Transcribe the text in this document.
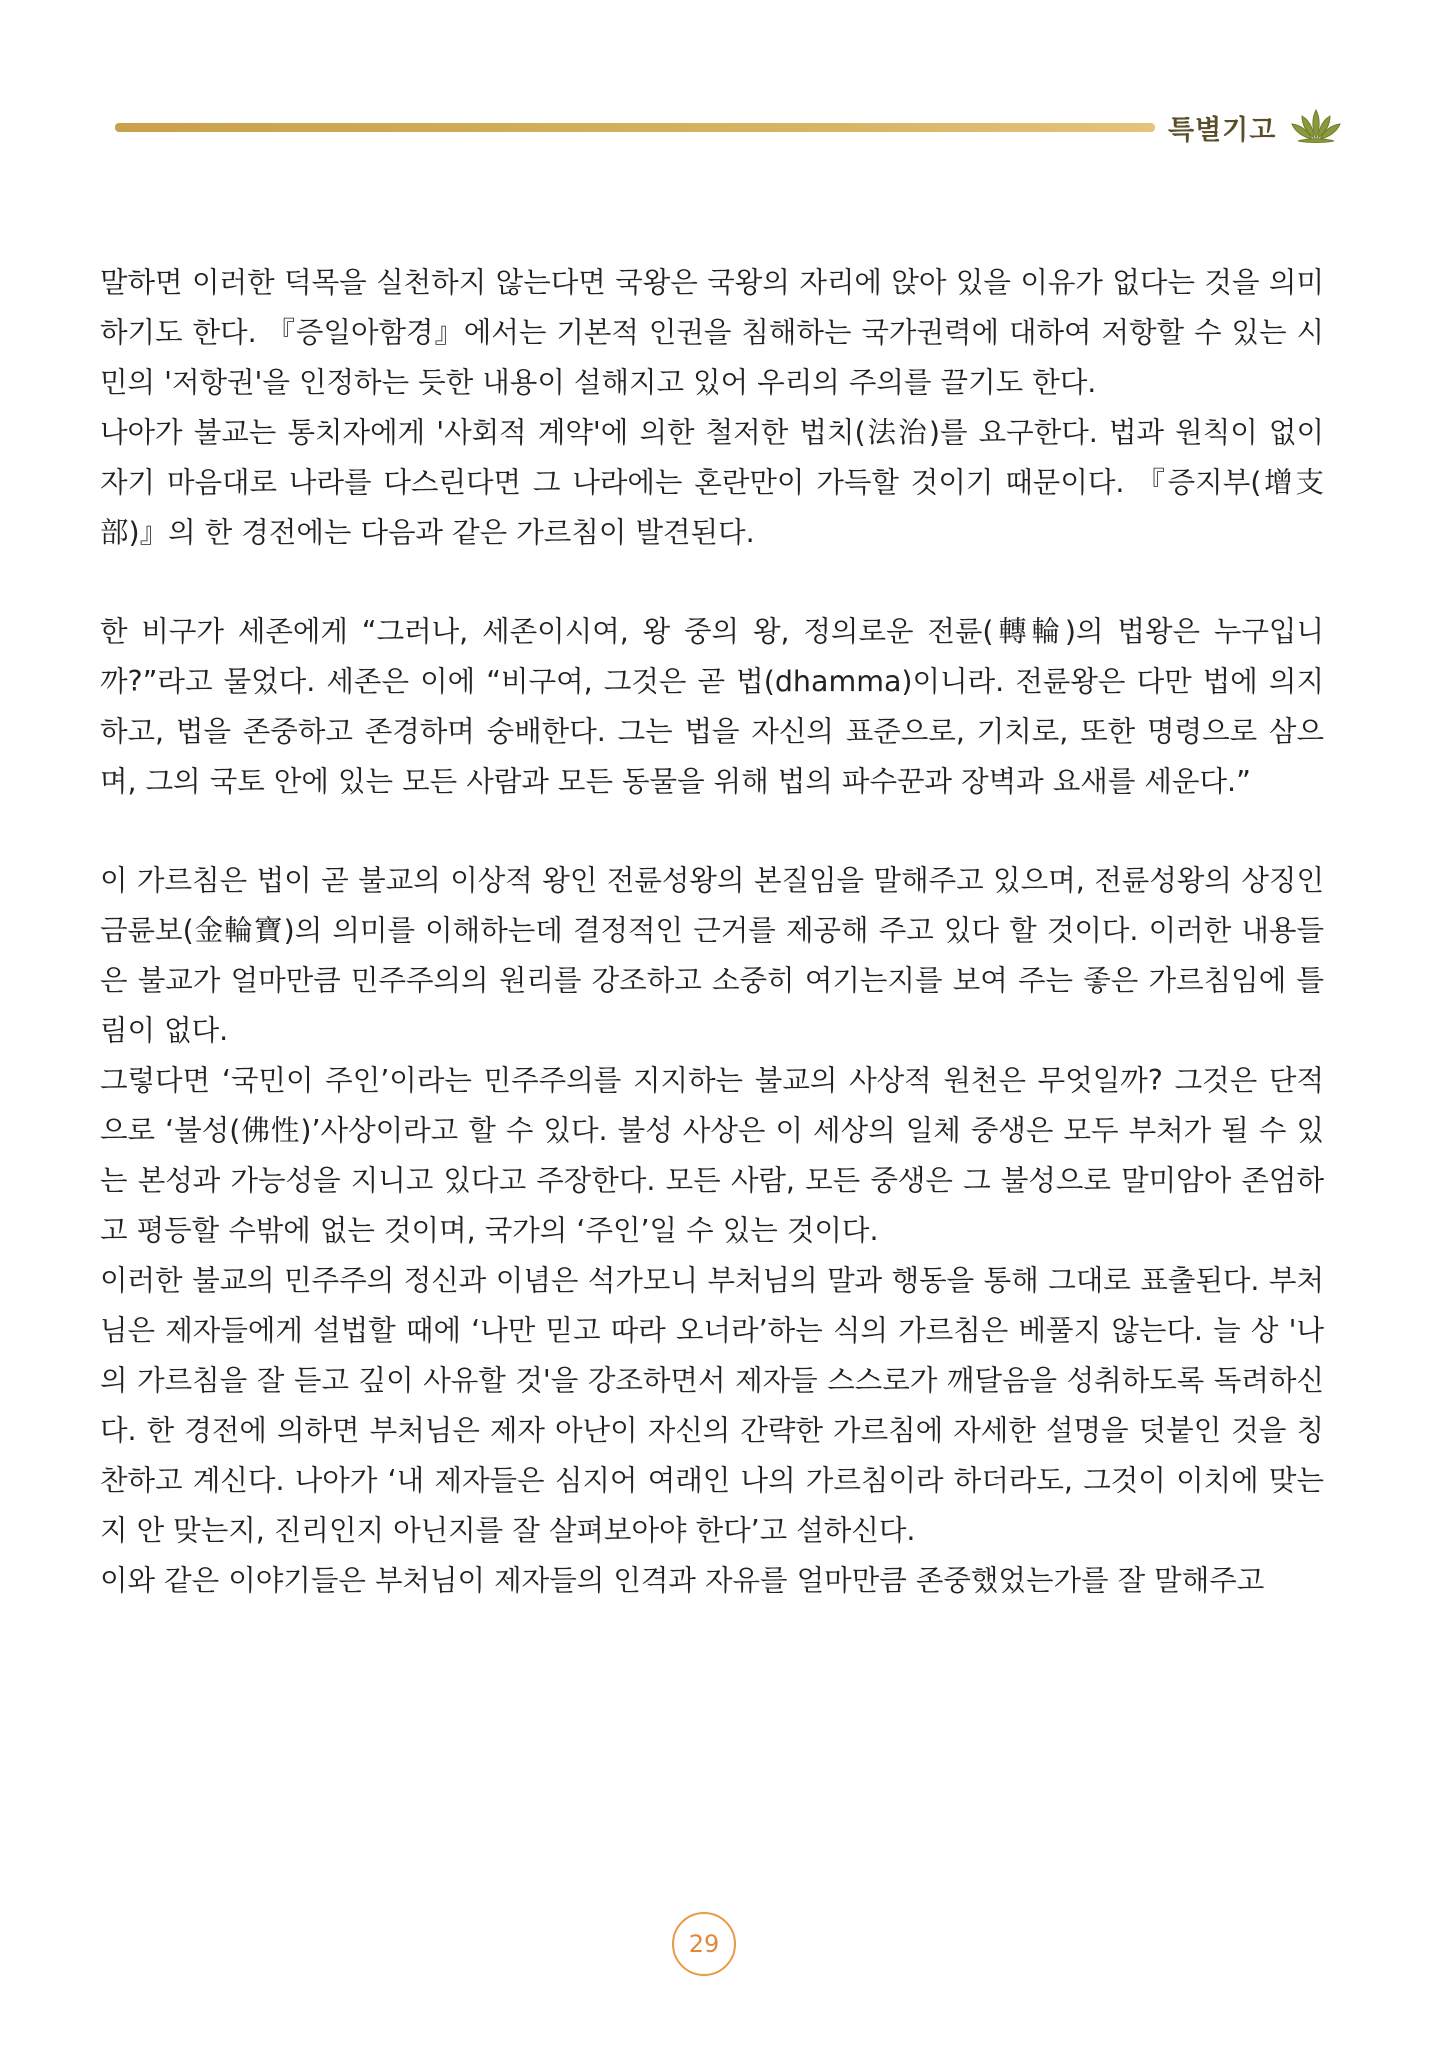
특별기고

말하면 이러한 덕목을 실천하지 않는다면 국왕은 국왕의 자리에 앉아 있을 이유가 없다는 것을 의미하기도 한다. 『증일아함경』에서는 기본적 인권을 침해하는 국가권력에 대하여 저항할 수 있는 시민의 '저항권'을 인정하는 듯한 내용이 설해지고 있어 우리의 주의를 끌기도 한다.

나아가 불교는 통치자에게 '사회적 계약'에 의한 철저한 법치(法治)를 요구한다. 법과 원칙이 없이 자기 마음대로 나라를 다스린다면 그 나라에는 혼란만이 가득할 것이기 때문이다. 『증지부(增支部)』의 한 경전에는 다음과 같은 가르침이 발견된다.

한 비구가 세존에게 “그러나, 세존이시여, 왕 중의 왕, 정의로운 전륜(轉輪)의 법왕은 누구입니까?”라고 물었다. 세존은 이에 “비구여, 그것은 곧 법(dhamma)이니라. 전륜왕은 다만 법에 의지하고, 법을 존중하고 존경하며 숭배한다. 그는 법을 자신의 표준으로, 기치로, 또한 명령으로 삼으며, 그의 국토 안에 있는 모든 사람과 모든 동물을 위해 법의 파수꾼과 장벽과 요새를 세운다.”

이 가르침은 법이 곧 불교의 이상적 왕인 전륜성왕의 본질임을 말해주고 있으며, 전륜성왕의 상징인 금륜보(金輪寶)의 의미를 이해하는데 결정적인 근거를 제공해 주고 있다 할 것이다. 이러한 내용들은 불교가 얼마만큼 민주주의의 원리를 강조하고 소중히 여기는지를 보여 주는 좋은 가르침임에 틀림이 없다.

그렇다면 ‘국민이 주인’이라는 민주주의를 지지하는 불교의 사상적 원천은 무엇일까? 그것은 단적으로 ‘불성(佛性)’사상이라고 할 수 있다. 불성 사상은 이 세상의 일체 중생은 모두 부처가 될 수 있는 본성과 가능성을 지니고 있다고 주장한다. 모든 사람, 모든 중생은 그 불성으로 말미암아 존엄하고 평등할 수밖에 없는 것이며, 국가의 ‘주인’일 수 있는 것이다.

이러한 불교의 민주주의 정신과 이념은 석가모니 부처님의 말과 행동을 통해 그대로 표출된다. 부처님은 제자들에게 설법할 때에 ‘나만 믿고 따라 오너라’하는 식의 가르침은 베풀지 않는다. 늘 상 '나의 가르침을 잘 듣고 깊이 사유할 것'을 강조하면서 제자들 스스로가 깨달음을 성취하도록 독려하신다. 한 경전에 의하면 부처님은 제자 아난이 자신의 간략한 가르침에 자세한 설명을 덧붙인 것을 칭찬하고 계신다. 나아가 ‘내 제자들은 심지어 여래인 나의 가르침이라 하더라도, 그것이 이치에 맞는지 안 맞는지, 진리인지 아닌지를 잘 살펴보아야 한다’고 설하신다.

이와 같은 이야기들은 부처님이 제자들의 인격과 자유를 얼마만큼 존중했었는가를 잘 말해주고

29
